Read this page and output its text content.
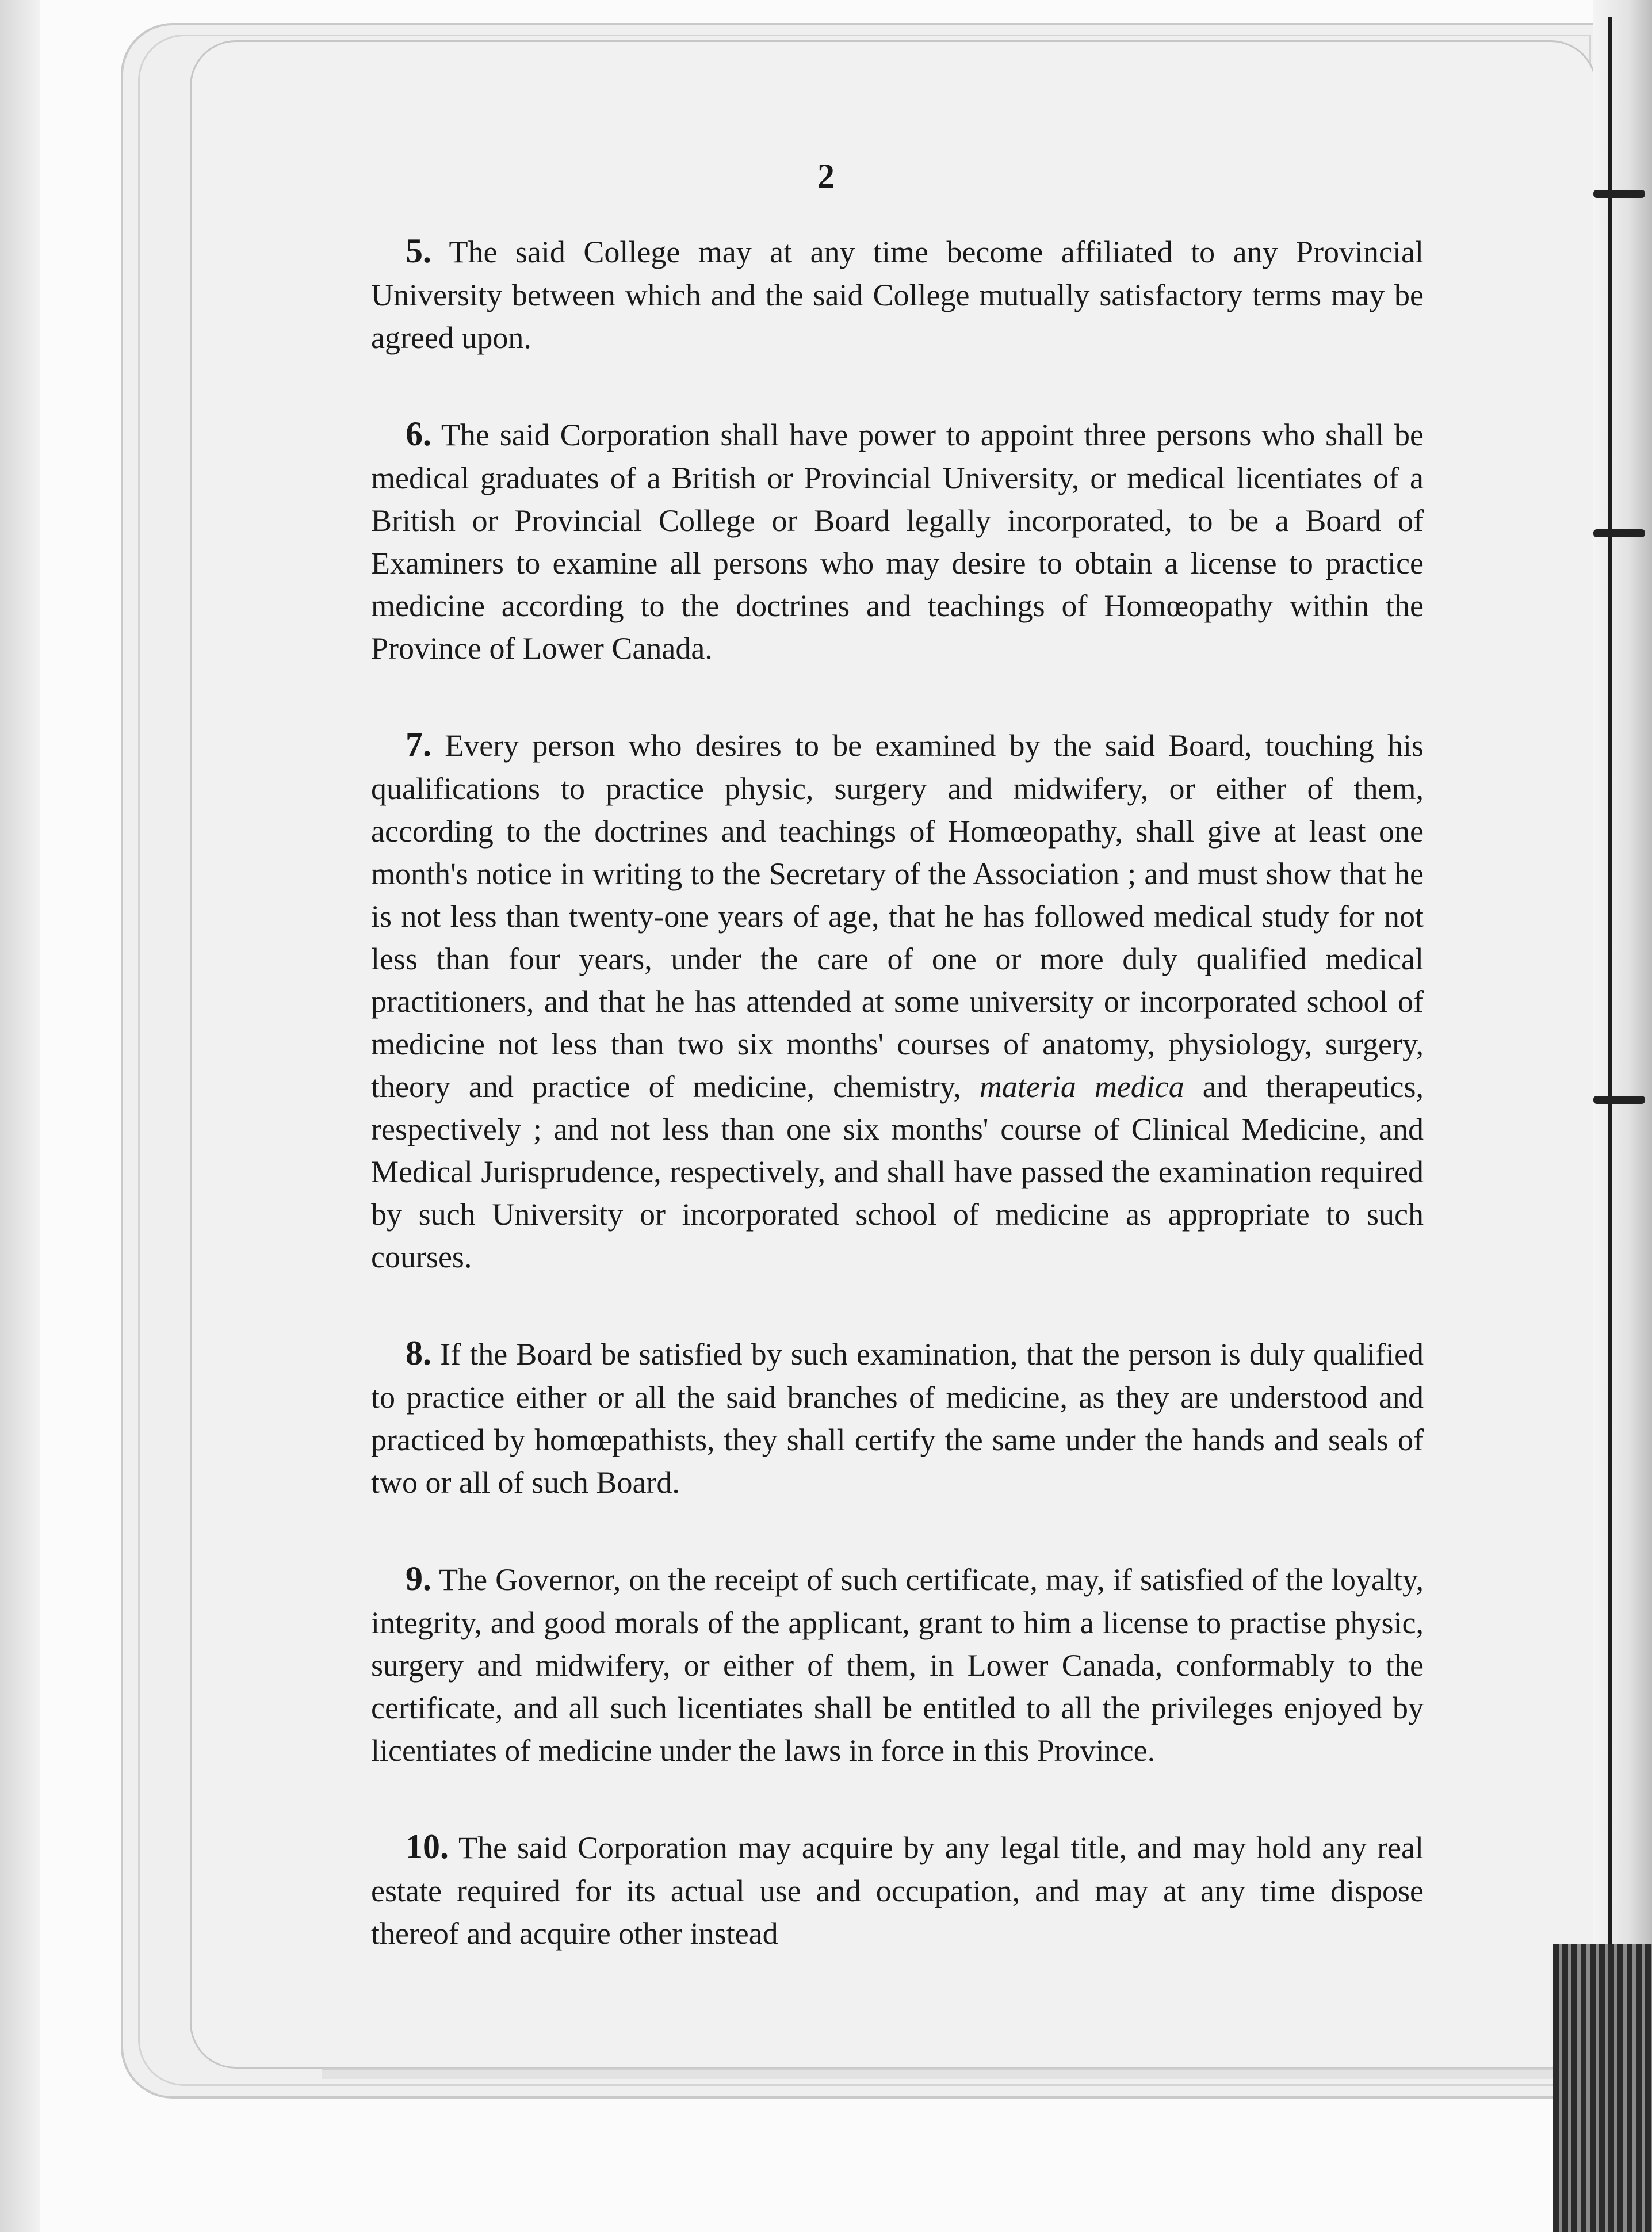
2

5. The said College may at any time become affiliated to any Provincial University between which and the said College mutually satisfactory terms may be agreed upon.

6. The said Corporation shall have power to appoint three persons who shall be medical graduates of a British or Provincial University, or medical licentiates of a British or Provincial College or Board legally incorporated, to be a Board of Examiners to examine all persons who may desire to obtain a license to practice medicine according to the doctrines and teachings of Homœopathy within the Province of Lower Canada.

7. Every person who desires to be examined by the said Board, touching his qualifications to practice physic, surgery and midwifery, or either of them, according to the doctrines and teachings of Homœopathy, shall give at least one month's notice in writing to the Secretary of the Association ; and must show that he is not less than twenty-one years of age, that he has followed medical study for not less than four years, under the care of one or more duly qualified medical practitioners, and that he has attended at some university or incorporated school of medicine not less than two six months' courses of anatomy, physiology, surgery, theory and practice of medicine, chemistry, materia medica and therapeutics, respectively ; and not less than one six months' course of Clinical Medicine, and Medical Jurisprudence, respectively, and shall have passed the examination required by such University or incorporated school of medicine as appropriate to such courses.

8. If the Board be satisfied by such examination, that the person is duly qualified to practice either or all the said branches of medicine, as they are understood and practiced by homœpathists, they shall certify the same under the hands and seals of two or all of such Board.

9. The Governor, on the receipt of such certificate, may, if satisfied of the loyalty, integrity, and good morals of the applicant, grant to him a license to practise physic, surgery and midwifery, or either of them, in Lower Canada, conformably to the certificate, and all such licentiates shall be entitled to all the privileges enjoyed by licentiates of medicine under the laws in force in this Province.

10. The said Corporation may acquire by any legal title, and may hold any real estate required for its actual use and occupation, and may at any time dispose thereof and acquire other instead
